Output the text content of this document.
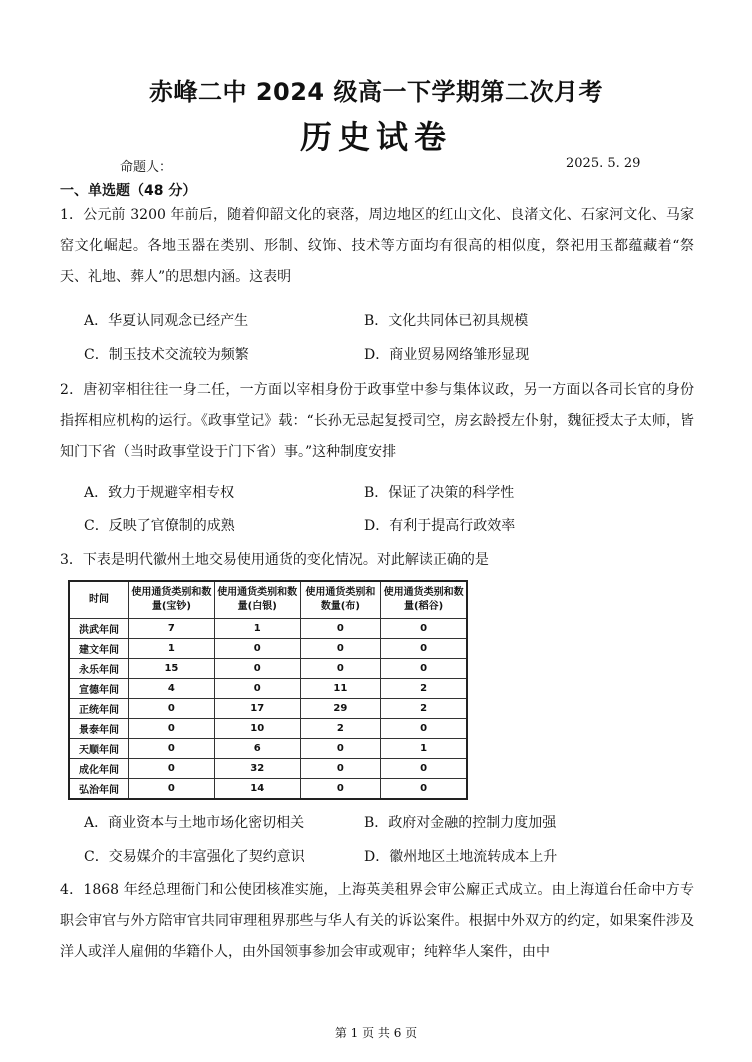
赤峰二中 2024 级高一下学期第二次月考
历史试卷
命题人：	2025. 5. 29
一、单选题（48 分）
1．公元前 3200 年前后，随着仰韶文化的衰落，周边地区的红山文化、良渚文化、石家河文化、马家窑文化崛起。各地玉器在类别、形制、纹饰、技术等方面均有很高的相似度，祭祀用玉都蕴藏着“祭天、礼地、葬人”的思想内涵。这表明
A．华夏认同观念已经产生	B．文化共同体已初具规模
C．制玉技术交流较为频繁	D．商业贸易网络雏形显现
2．唐初宰相往往一身二任，一方面以宰相身份于政事堂中参与集体议政，另一方面以各司长官的身份指挥相应机构的运行。《政事堂记》载：“长孙无忌起复授司空，房玄龄授左仆射，魏征授太子太师，皆知门下省（当时政事堂设于门下省）事。”这种制度安排
A．致力于规避宰相专权	B．保证了决策的科学性
C．反映了官僚制的成熟	D．有利于提高行政效率
3．下表是明代徽州土地交易使用通货的变化情况。对此解读正确的是
时间	使用通货类别和数量(宝钞)	使用通货类别和数量(白银)	使用通货类别和数量(布)	使用通货类别和数量(稻谷)
洪武年间	7	1	0	0
建文年间	1	0	0	0
永乐年间	15	0	0	0
宣德年间	4	0	11	2
正统年间	0	17	29	2
景泰年间	0	10	2	0
天顺年间	0	6	0	1
成化年间	0	32	0	0
弘治年间	0	14	0	0
A．商业资本与土地市场化密切相关	B．政府对金融的控制力度加强
C．交易媒介的丰富强化了契约意识	D．徽州地区土地流转成本上升
4．1868 年经总理衙门和公使团核准实施，上海英美租界会审公廨正式成立。由上海道台任命中方专职会审官与外方陪审官共同审理租界那些与华人有关的诉讼案件。根据中外双方的约定，如果案件涉及洋人或洋人雇佣的华籍仆人，由外国领事参加会审或观审；纯粹华人案件，由中
第 1 页 共 6 页
